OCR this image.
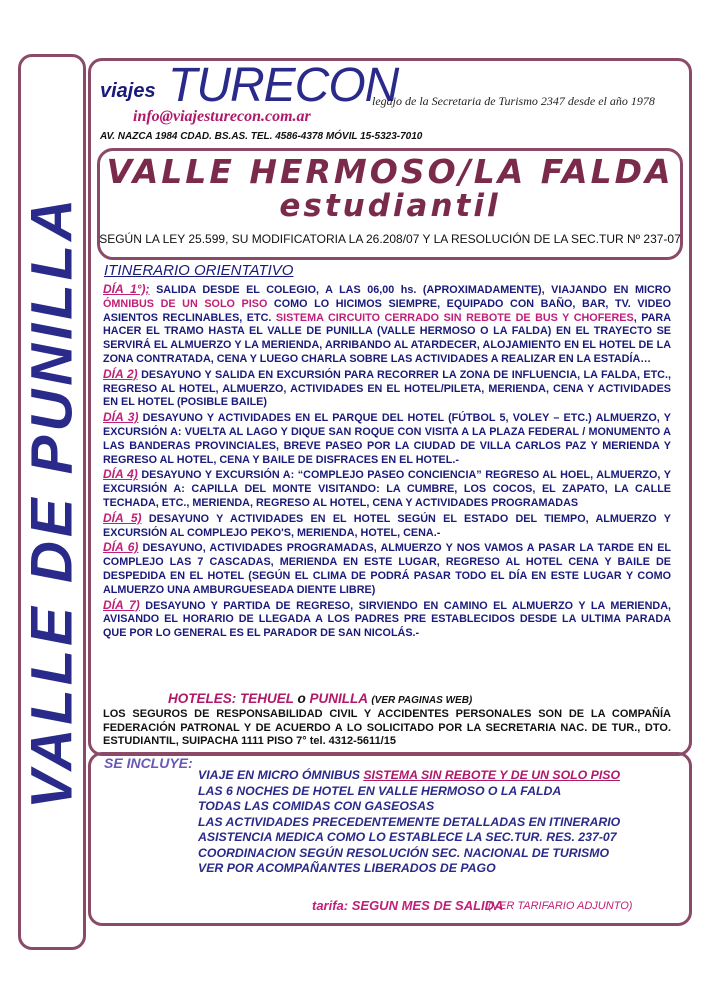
VALLE DE PUNILLA
viajes TURECON
legajo de la Secretaria de Turismo 2347 desde el año 1978
info@viajesturecon.com.ar
AV. NAZCA 1984 CDAD. BS.AS. TEL. 4586-4378 MÓVIL 15-5323-7010
VALLE HERMOSO/LA FALDA
estudiantil
SEGÚN LA LEY 25.599, SU MODIFICATORIA LA 26.208/07 Y LA RESOLUCIÓN DE LA SEC.TUR Nº 237-07
ITINERARIO ORIENTATIVO

DÍA 1°); SALIDA DESDE EL COLEGIO, A LAS 06,00 hs. (APROXIMADAMENTE), VIAJANDO EN MICRO ÓMNIBUS DE UN SOLO PISO COMO LO HICIMOS SIEMPRE, EQUIPADO CON BAÑO, BAR, TV. VIDEO ASIENTOS RECLINABLES, ETC. SISTEMA CIRCUITO CERRADO SIN REBOTE DE BUS Y CHOFERES, PARA HACER EL TRAMO HASTA EL VALLE DE PUNILLA (VALLE HERMOSO O LA FALDA) EN EL TRAYECTO SE SERVIRÁ EL ALMUERZO Y LA MERIENDA, ARRIBANDO AL ATARDECER, ALOJAMIENTO EN EL HOTEL DE LA ZONA CONTRATADA, CENA Y LUEGO CHARLA SOBRE LAS ACTIVIDADES A REALIZAR EN LA ESTADÍA…

DÍA 2) DESAYUNO Y SALIDA EN EXCURSIÓN PARA RECORRER LA ZONA DE INFLUENCIA, LA FALDA, ETC., REGRESO AL HOTEL, ALMUERZO, ACTIVIDADES EN EL HOTEL/PILETA, MERIENDA, CENA Y ACTIVIDADES EN EL HOTEL (POSIBLE BAILE)

DÍA 3) DESAYUNO Y ACTIVIDADES EN EL PARQUE DEL HOTEL (FÚTBOL 5, VOLEY – ETC.) ALMUERZO, Y EXCURSIÓN A: VUELTA AL LAGO Y DIQUE SAN ROQUE CON VISITA A LA PLAZA FEDERAL / MONUMENTO A LAS BANDERAS PROVINCIALES, BREVE PASEO POR LA CIUDAD DE VILLA CARLOS PAZ Y MERIENDA Y REGRESO AL HOTEL, CENA Y BAILE DE DISFRACES EN EL HOTEL.-

DÍA 4) DESAYUNO Y EXCURSIÓN A: “COMPLEJO PASEO CONCIENCIA” REGRESO AL HOEL, ALMUERZO, Y EXCURSIÓN A: CAPILLA DEL MONTE VISITANDO: LA CUMBRE, LOS COCOS, EL ZAPATO, LA CALLE TECHADA, ETC., MERIENDA, REGRESO AL HOTEL, CENA Y ACTIVIDADES PROGRAMADAS

DÍA 5) DESAYUNO Y ACTIVIDADES EN EL HOTEL SEGÚN EL ESTADO DEL TIEMPO, ALMUERZO Y EXCURSIÓN AL COMPLEJO PEKO'S, MERIENDA, HOTEL, CENA.-

DÍA 6) DESAYUNO, ACTIVIDADES PROGRAMADAS, ALMUERZO Y NOS VAMOS A PASAR LA TARDE EN EL COMPLEJO LAS 7 CASCADAS, MERIENDA EN ESTE LUGAR, REGRESO AL HOTEL CENA Y BAILE DE DESPEDIDA EN EL HOTEL (SEGÚN EL CLIMA DE PODRÁ PASAR TODO EL DÍA EN ESTE LUGAR Y COMO ALMUERZO UNA AMBURGUESEADA DIENTE LIBRE)

DÍA 7) DESAYUNO Y PARTIDA DE REGRESO, SIRVIENDO EN CAMINO EL ALMUERZO Y LA MERIENDA, AVISANDO EL HORARIO DE LLEGADA A LOS PADRES PRE ESTABLECIDOS DESDE LA ULTIMA PARADA QUE POR LO GENERAL ES EL PARADOR DE SAN NICOLÁS.-

HOTELES: TEHUEL o PUNILLA (VER PAGINAS WEB)
LOS SEGUROS DE RESPONSABILIDAD CIVIL Y ACCIDENTES PERSONALES SON DE LA COMPAÑÍA FEDERACIÓN PATRONAL Y DE ACUERDO A LO SOLICITADO POR LA SECRETARIA NAC. DE TUR., DTO. ESTUDIANTIL, SUIPACHA 1111 PISO 7° tel. 4312-5611/15
SE INCLUYE:
VIAJE EN MICRO ÓMNIBUS SISTEMA SIN REBOTE Y DE UN SOLO PISO
LAS 6 NOCHES DE HOTEL EN VALLE HERMOSO O LA FALDA
TODAS LAS COMIDAS CON GASEOSAS
LAS ACTIVIDADES PRECEDENTEMENTE DETALLADAS EN ITINERARIO
ASISTENCIA MEDICA COMO LO ESTABLECE LA SEC.TUR. RES. 237-07
COORDINACION SEGÚN RESOLUCIÓN SEC. NACIONAL DE TURISMO
VER POR ACOMPAÑANTES LIBERADOS DE PAGO
tarifa: SEGUN MES DE SALIDA
(VER TARIFARIO ADJUNTO)
